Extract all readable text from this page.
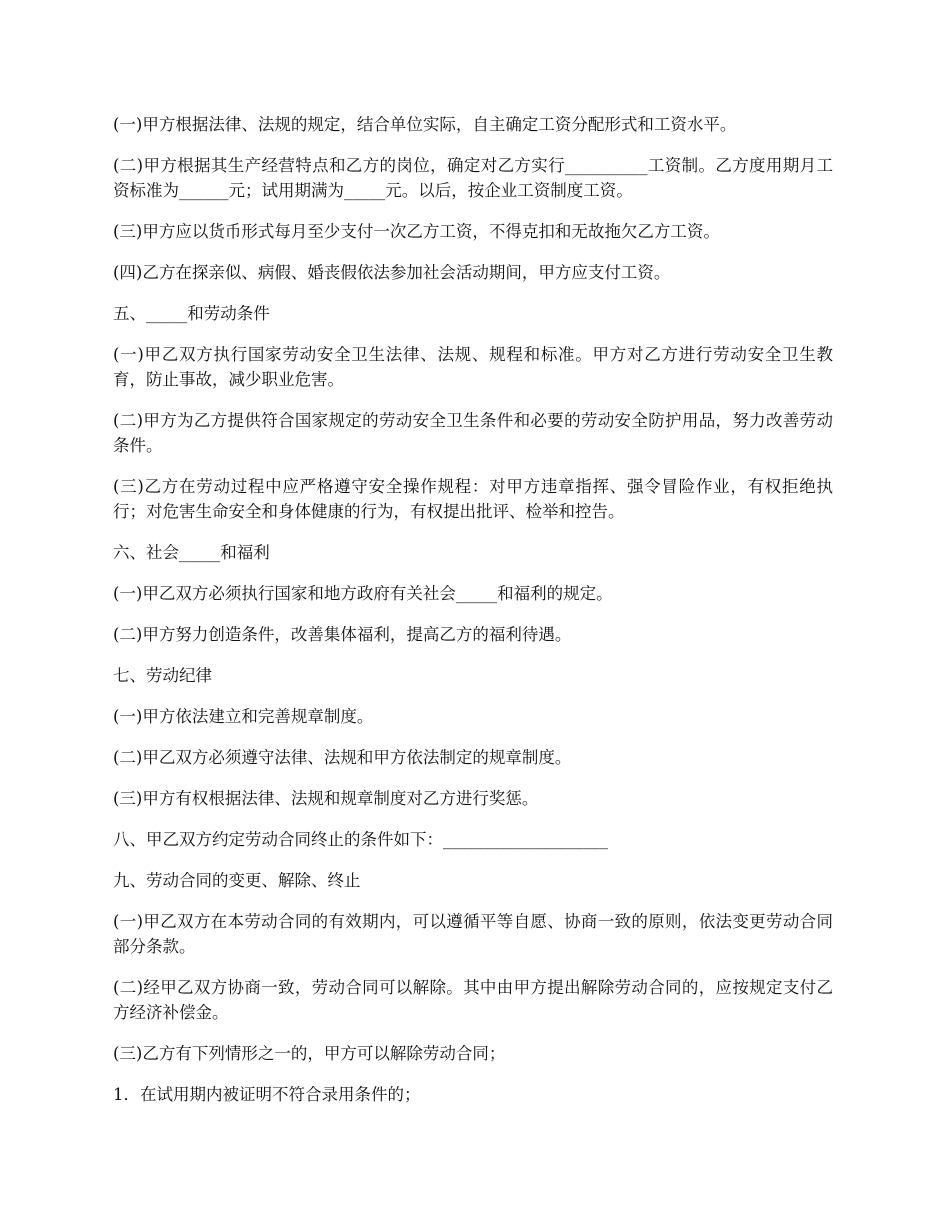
(一)甲方根据法律、法规的规定，结合单位实际，自主确定工资分配形式和工资水平。

(二)甲方根据其生产经营特点和乙方的岗位，确定对乙方实行__________工资制。乙方度用期月工资标准为______元；试用期满为_____元。以后，按企业工资制度工资。

(三)甲方应以货币形式每月至少支付一次乙方工资，不得克扣和无故拖欠乙方工资。

(四)乙方在探亲似、病假、婚丧假依法参加社会活动期间，甲方应支付工资。

五、_____和劳动条件

(一)甲乙双方执行国家劳动安全卫生法律、法规、规程和标准。甲方对乙方进行劳动安全卫生教育，防止事故，减少职业危害。

(二)甲方为乙方提供符合国家规定的劳动安全卫生条件和必要的劳动安全防护用品，努力改善劳动条件。

(三)乙方在劳动过程中应严格遵守安全操作规程：对甲方违章指挥、强令冒险作业，有权拒绝执行；对危害生命安全和身体健康的行为，有权提出批评、检举和控告。

六、社会_____和福利

(一)甲乙双方必须执行国家和地方政府有关社会_____和福利的规定。

(二)甲方努力创造条件，改善集体福利，提高乙方的福利待遇。

七、劳动纪律

(一)甲方依法建立和完善规章制度。

(二)甲乙双方必须遵守法律、法规和甲方依法制定的规章制度。

(三)甲方有权根据法律、法规和规章制度对乙方进行奖惩。

八、甲乙双方约定劳动合同终止的条件如下：____________________

九、劳动合同的变更、解除、终止

(一)甲乙双方在本劳动合同的有效期内，可以遵循平等自愿、协商一致的原则，依法变更劳动合同部分条款。

(二)经甲乙双方协商一致，劳动合同可以解除。其中由甲方提出解除劳动合同的，应按规定支付乙方经济补偿金。

(三)乙方有下列情形之一的，甲方可以解除劳动合同；

1．在试用期内被证明不符合录用条件的；
